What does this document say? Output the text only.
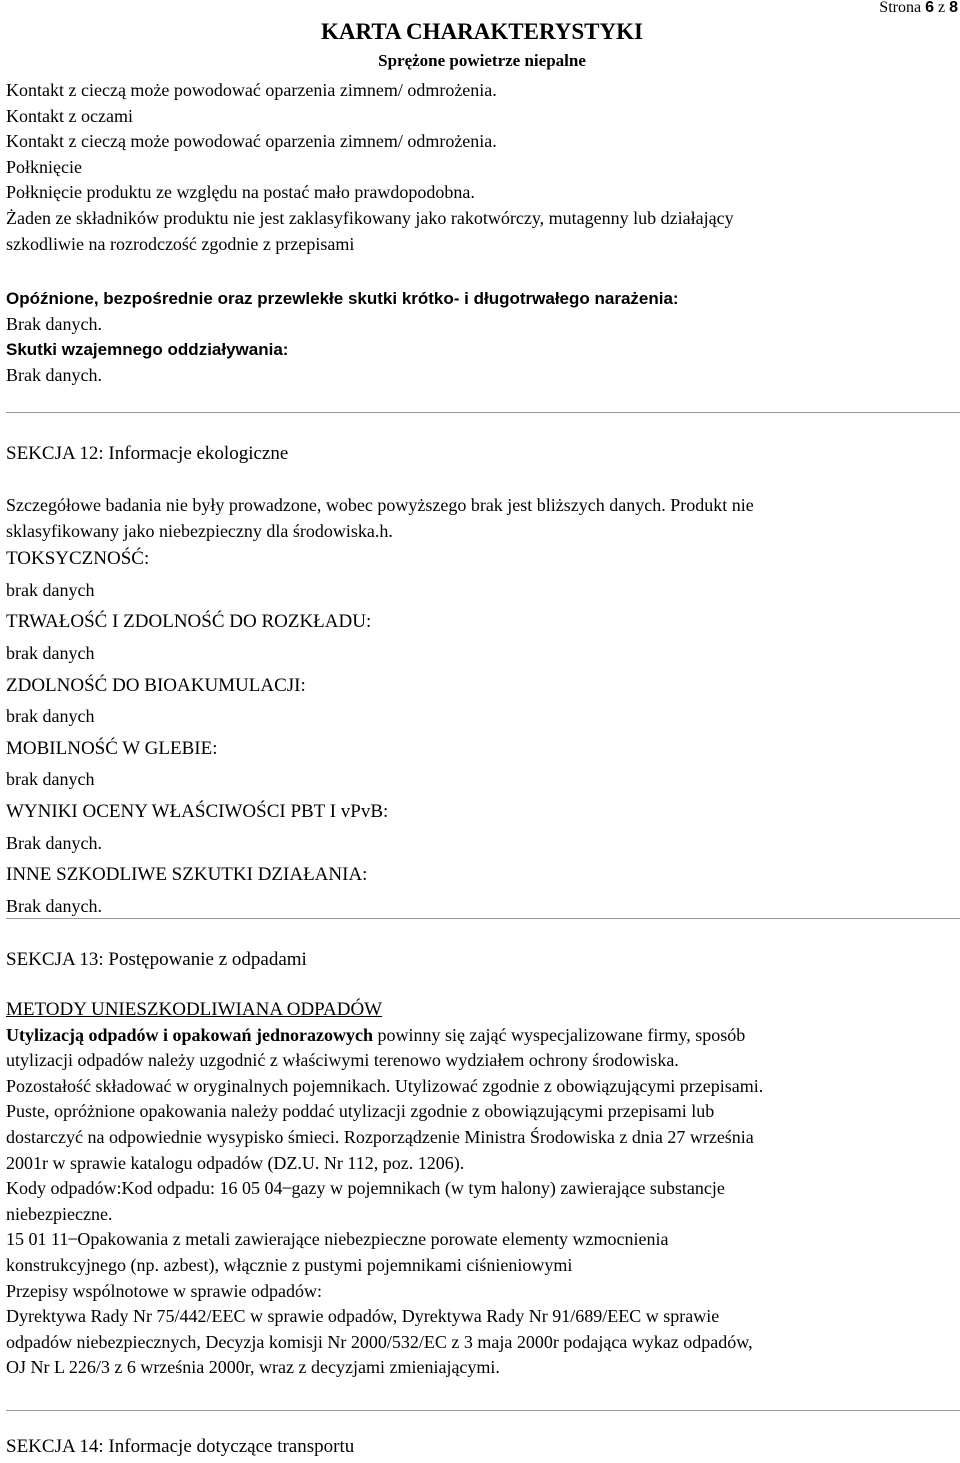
KARTA CHARAKTERYSTYKI
Sprężone powietrze niepalne
Strona 6 z 8
Kontakt z cieczą może powodować oparzenia zimnem/ odmrożenia.
Kontakt z oczami
Kontakt z cieczą może powodować oparzenia zimnem/ odmrożenia.
Połknięcie
Połknięcie produktu ze względu na postać mało prawdopodobna.
Żaden ze składników produktu nie jest zaklasyfikowany jako rakotwórczy, mutagenny lub działający
szkodliwie na rozrodczość zgodnie z przepisami
Opóźnione, bezpośrednie oraz przewlekłe skutki krótko- i długotrwałego narażenia:
Brak danych.
Skutki wzajemnego oddziaływania:
Brak danych.
SEKCJA 12: Informacje ekologiczne
Szczegółowe badania nie były prowadzone, wobec powyższego brak jest bliższych danych. Produkt nie
sklasyfikowany jako niebezpieczny dla środowiska.h.
TOKSYCZNOŚĆ:
brak danych
TRWAŁOŚĆ I ZDOLNOŚĆ DO ROZKŁADU:
brak danych
ZDOLNOŚĆ DO BIOAKUMULACJI:
brak danych
MOBILNOŚĆ W GLEBIE:
brak danych
WYNIKI OCENY WŁAŚCIWOŚCI PBT I vPvB:
Brak danych.
INNE SZKODLIWE SZKUTKI DZIAŁANIA:
Brak danych.
SEKCJA 13: Postępowanie z odpadami
METODY UNIESZKODLIWIANA ODPADÓW
Utylizacją odpadów i opakowań jednorazowych powinny się zająć wyspecjalizowane firmy, sposób
utylizacji odpadów należy uzgodnić z właściwymi terenowo wydziałem ochrony środowiska.
Pozostałość składować w oryginalnych pojemnikach. Utylizować zgodnie z obowiązującymi przepisami.
Puste, opróżnione opakowania należy poddać utylizacji zgodnie z obowiązującymi przepisami lub
dostarczyć na odpowiednie wysypisko śmieci. Rozporządzenie Ministra Środowiska z dnia 27 września
2001r w sprawie katalogu odpadów (DZ.U. Nr 112, poz. 1206).
Kody odpadów:Kod odpadu: 16 05 04 ̶ gazy w pojemnikach (w tym halony) zawierające substancje
niebezpieczne.
15 01 11 ̶ Opakowania z metali zawierające niebezpieczne porowate elementy wzmocnienia
konstrukcyjnego (np. azbest), włącznie z pustymi pojemnikami ciśnieniowymi
Przepisy wspólnotowe w sprawie odpadów:
Dyrektywa Rady Nr 75/442/EEC w sprawie odpadów, Dyrektywa Rady Nr 91/689/EEC w sprawie
odpadów niebezpiecznych, Decyzja komisji Nr 2000/532/EC z 3 maja 2000r podająca wykaz odpadów,
OJ Nr L 226/3 z 6 września 2000r, wraz z decyzjami zmieniającymi.
SEKCJA 14: Informacje dotyczące transportu
